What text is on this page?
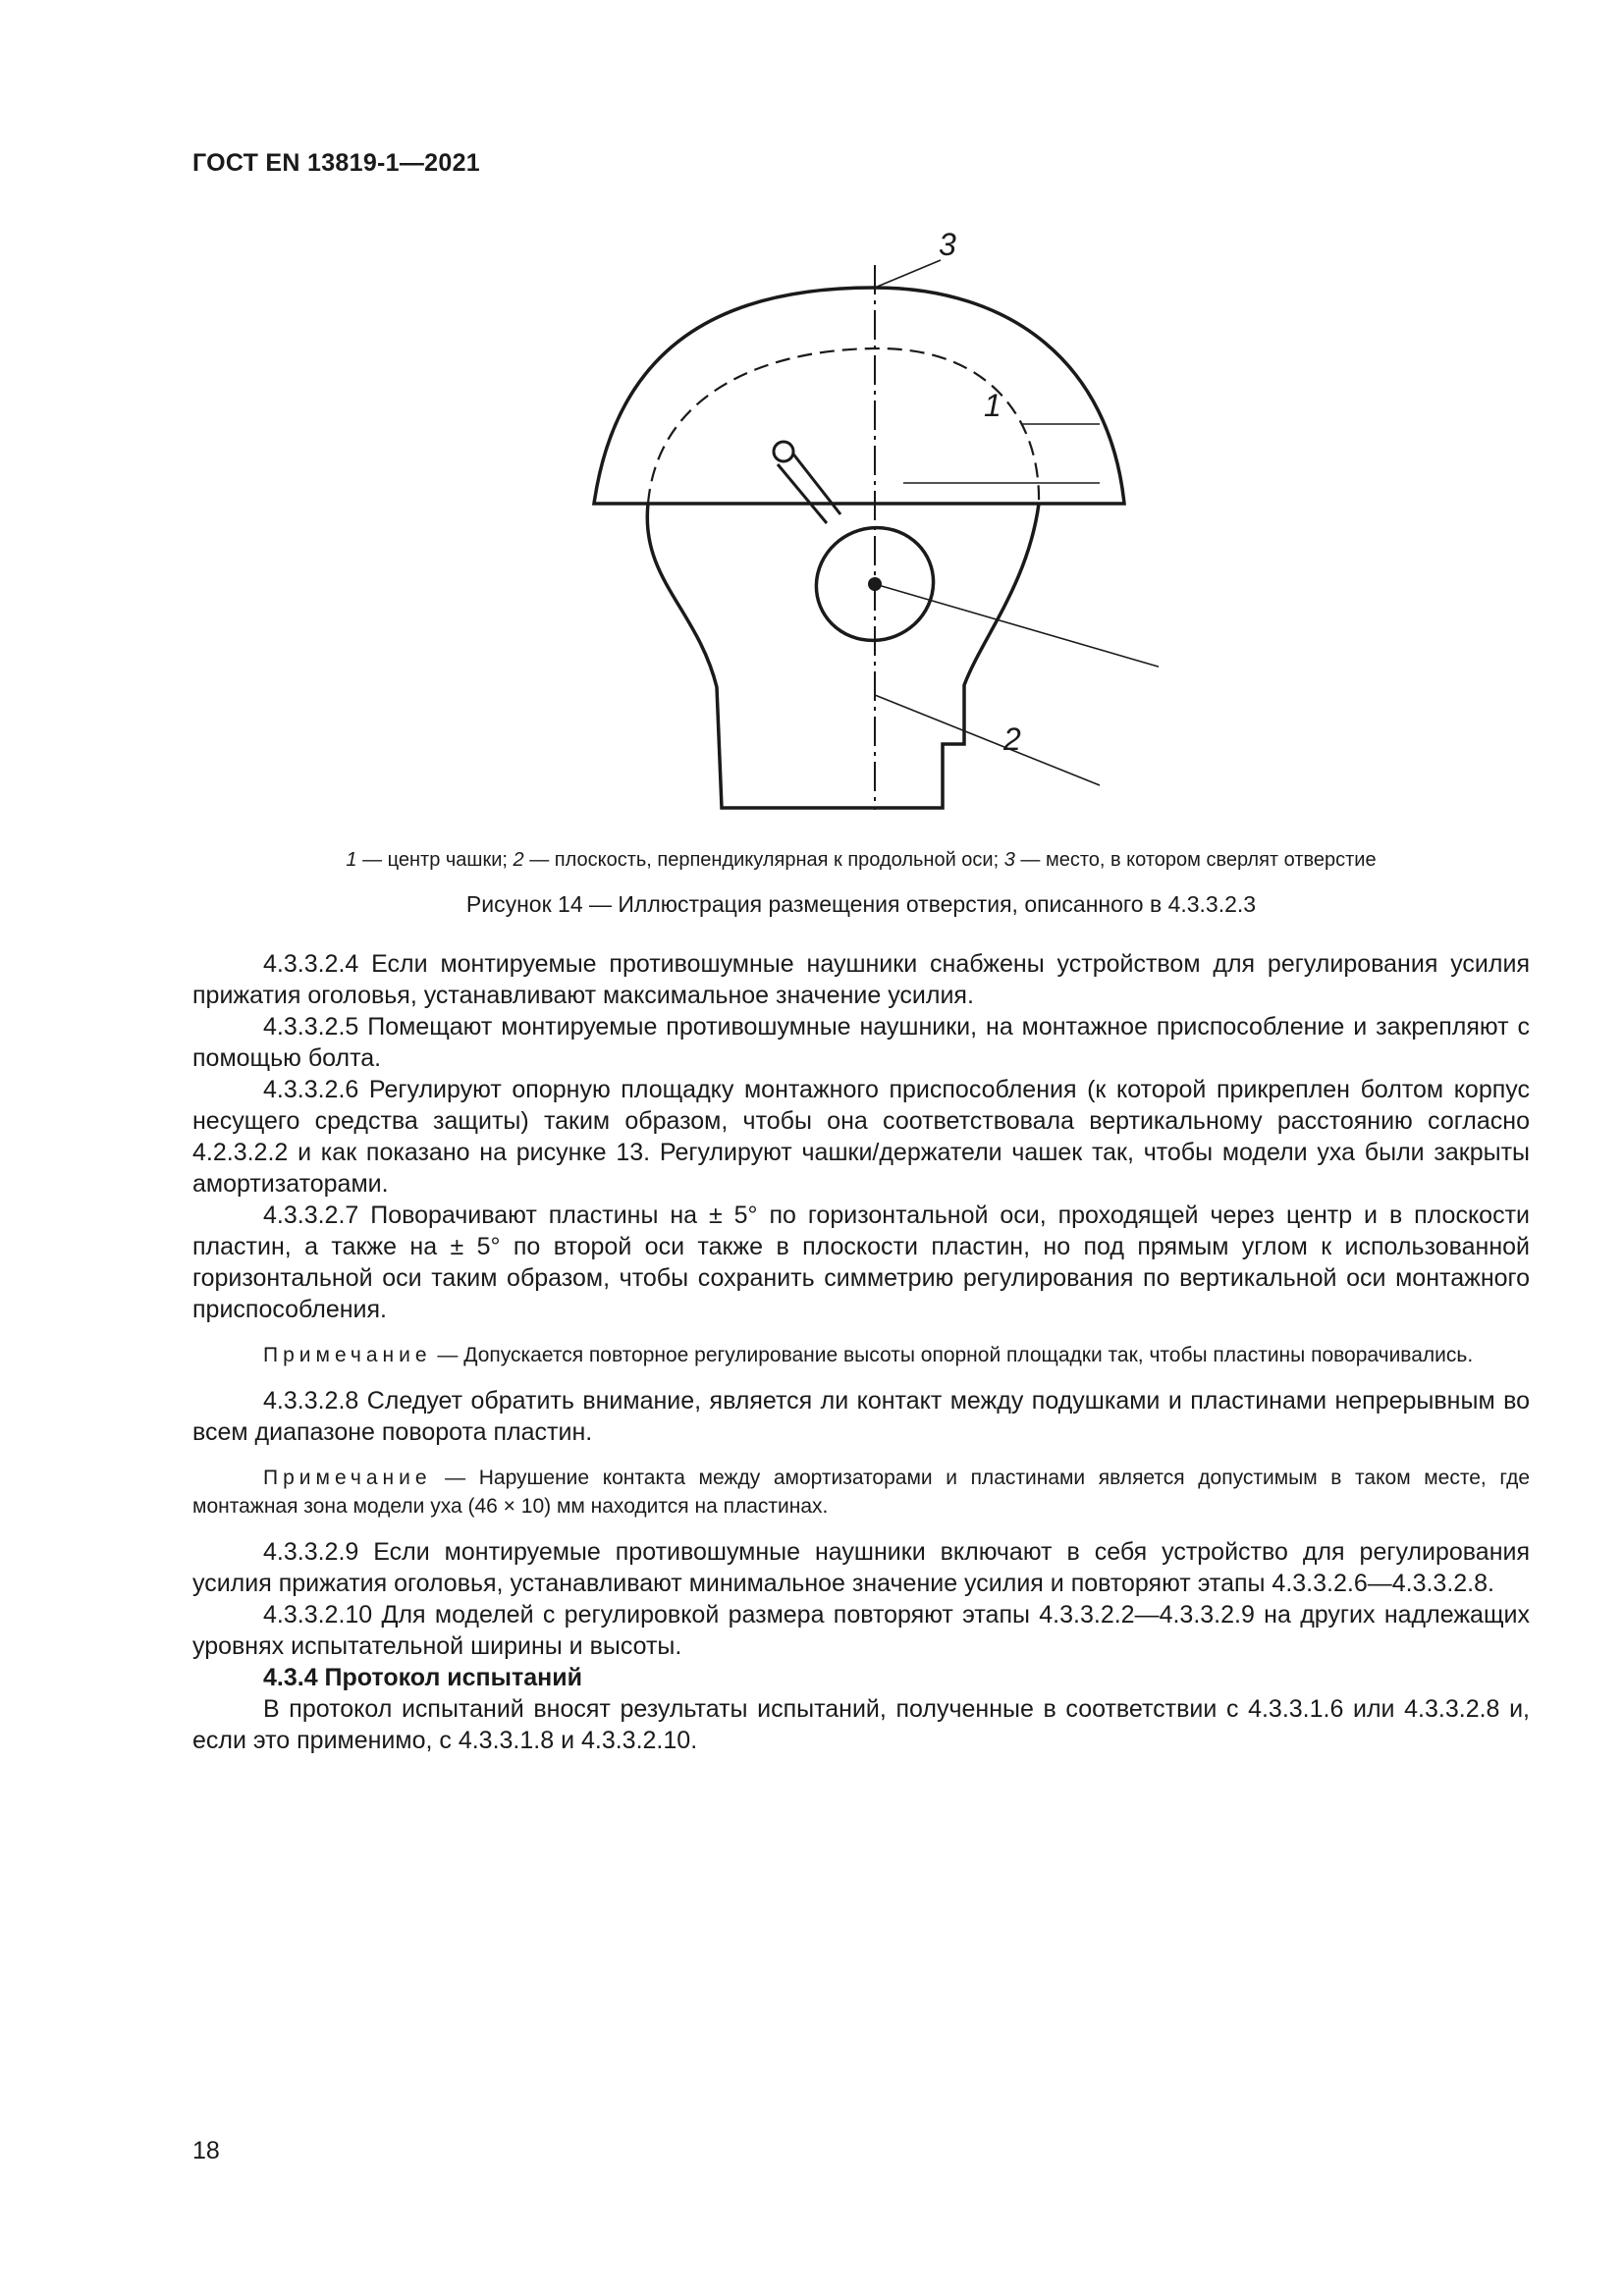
ГОСТ EN 13819-1—2021
1
2
3
1 — центр чашки; 2 — плоскость, перпендикулярная к продольной оси; 3 — место, в котором сверлят отверстие
Рисунок 14 — Иллюстрация размещения отверстия, описанного в 4.3.3.2.3

4.3.3.2.4 Если монтируемые противошумные наушники снабжены устройством для регулирования усилия прижатия оголовья, устанавливают максимальное значение усилия.

4.3.3.2.5 Помещают монтируемые противошумные наушники, на монтажное приспособление и закрепляют с помощью болта.

4.3.3.2.6 Регулируют опорную площадку монтажного приспособления (к которой прикреплен болтом корпус несущего средства защиты) таким образом, чтобы она соответствовала вертикальному расстоянию согласно 4.2.3.2.2 и как показано на рисунке 13. Регулируют чашки/держатели чашек так, чтобы модели уха были закрыты амортизаторами.

4.3.3.2.7 Поворачивают пластины на ± 5° по горизонтальной оси, проходящей через центр и в плоскости пластин, а также на ± 5° по второй оси также в плоскости пластин, но под прямым углом к использованной горизонтальной оси таким образом, чтобы сохранить симметрию регулирования по вертикальной оси монтажного приспособления.

Примечание — Допускается повторное регулирование высоты опорной площадки так, чтобы пластины поворачивались.

4.3.3.2.8 Следует обратить внимание, является ли контакт между подушками и пластинами непрерывным во всем диапазоне поворота пластин.

Примечание — Нарушение контакта между амортизаторами и пластинами является допустимым в таком месте, где монтажная зона модели уха (46 × 10) мм находится на пластинах.

4.3.3.2.9 Если монтируемые противошумные наушники включают в себя устройство для регулирования усилия прижатия оголовья, устанавливают минимальное значение усилия и повторяют этапы 4.3.3.2.6—4.3.3.2.8.

4.3.3.2.10 Для моделей с регулировкой размера повторяют этапы 4.3.3.2.2—4.3.3.2.9 на других надлежащих уровнях испытательной ширины и высоты.

4.3.4 Протокол испытаний

В протокол испытаний вносят результаты испытаний, полученные в соответствии с 4.3.3.1.6 или 4.3.3.2.8 и, если это применимо, с 4.3.3.1.8 и 4.3.3.2.10.

18
